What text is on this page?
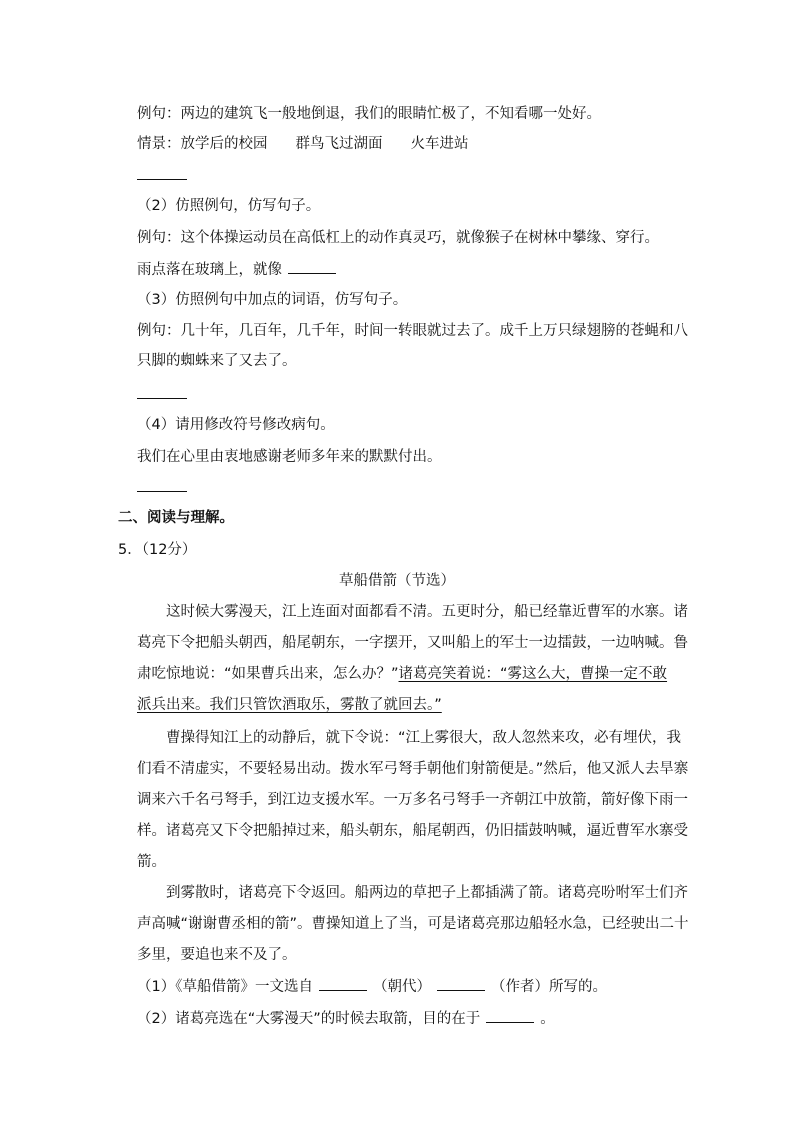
例句：两边的建筑飞一般地倒退，我们的眼睛忙极了，不知看哪一处好。
情景：放学后的校园 群鸟飞过湖面 火车进站
（2）仿照例句，仿写句子。
例句：这个体操运动员在高低杠上的动作真灵巧，就像猴子在树林中攀缘、穿行。
雨点落在玻璃上，就像
（3）仿照例句中加点的词语，仿写句子。
例句：几十年，几百年，几千年，时间一转眼就过去了。成千上万只绿翅膀的苍蝇和八
只脚的蜘蛛来了又去了。
（4）请用修改符号修改病句。
我们在心里由衷地感谢老师多年来的默默付出。
二、阅读与理解。
5．（12分）
草船借箭（节选）
这时候大雾漫天，江上连面对面都看不清。五更时分，船已经靠近曹军的水寨。诸
葛亮下令把船头朝西，船尾朝东，一字摆开，又叫船上的军士一边擂鼓，一边呐喊。鲁
肃吃惊地说：“如果曹兵出来，怎么办？”诸葛亮笑着说：“雾这么大，曹操一定不敢
派兵出来。我们只管饮酒取乐，雾散了就回去。”
曹操得知江上的动静后，就下令说：“江上雾很大，敌人忽然来攻，必有埋伏，我
们看不清虚实，不要轻易出动。拨水军弓弩手朝他们射箭便是。”然后，他又派人去旱寨
调来六千名弓弩手，到江边支援水军。一万多名弓弩手一齐朝江中放箭，箭好像下雨一
样。诸葛亮又下令把船掉过来，船头朝东，船尾朝西，仍旧擂鼓呐喊，逼近曹军水寨受
箭。
到雾散时，诸葛亮下令返回。船两边的草把子上都插满了箭。诸葛亮吩咐军士们齐
声高喊“谢谢曹丞相的箭”。曹操知道上了当，可是诸葛亮那边船轻水急，已经驶出二十
多里，要追也来不及了。
（1）《草船借箭》一文选自	（朝代）	（作者）所写的。
（2）诸葛亮选在“大雾漫天”的时候去取箭，目的在于	。
